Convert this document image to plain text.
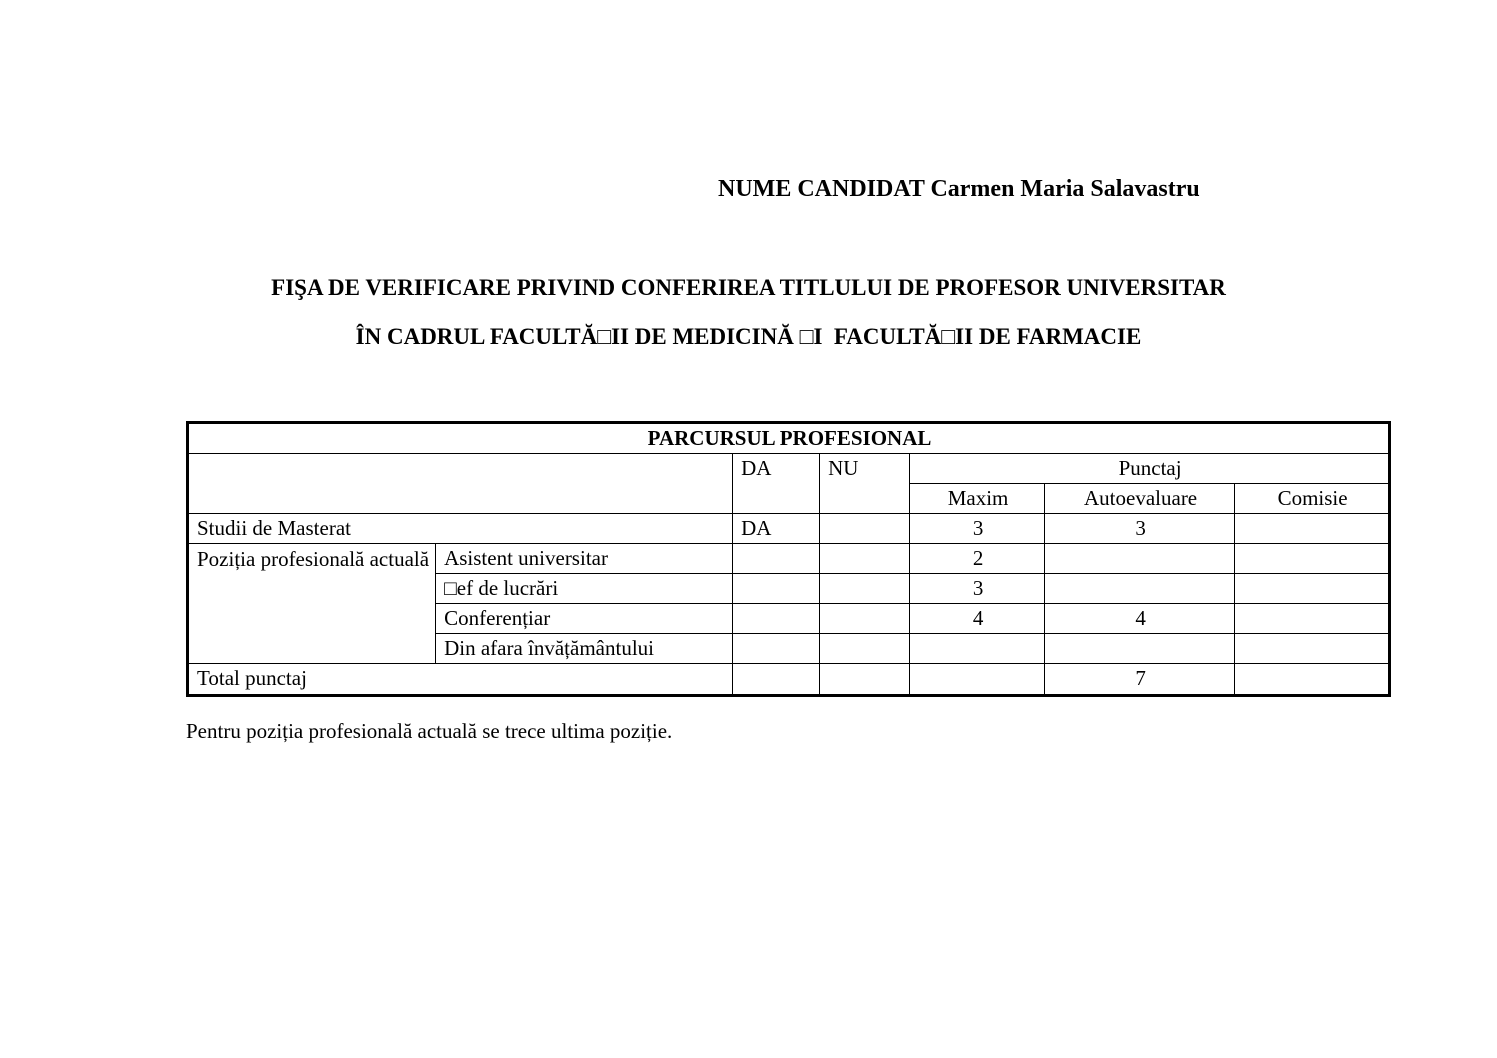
NUME CANDIDAT Carmen Maria Salavastru
FIŞA DE VERIFICARE PRIVIND CONFERIREA TITLULUI DE PROFESOR UNIVERSITAR
ÎN CADRUL FACULTĂ□II DE MEDICINĂ □I  FACULTĂ□II DE FARMACIE
PARCURSUL PROFESIONAL						
		DA	NU	Punctaj		
				Maxim	Autoevaluare	Comisie
Studii de Masterat		DA		3	3	
Poziția profesională actuală	Asistent universitar			2		
	□ef de lucrări			3		
	Conferențiar			4	4	
	Din afara învățământului					
Total punctaj					7	
Pentru poziția profesională actuală se trece ultima poziție.
